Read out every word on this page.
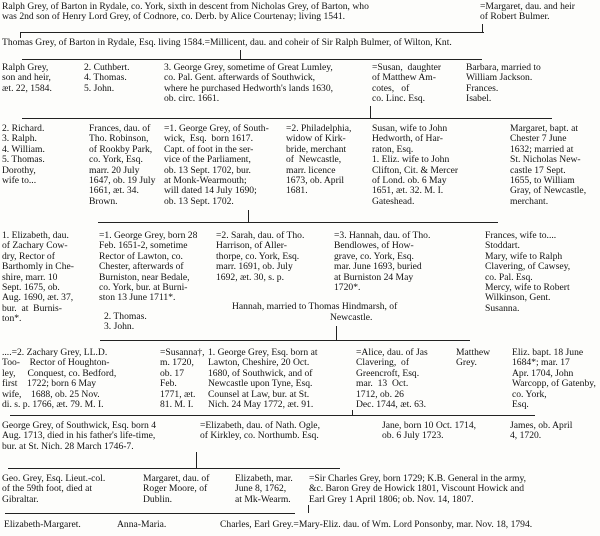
Ralph Grey, of Barton in Rydale, co. York, sixth in descent from Nicholas Grey, of Barton, who
was 2nd son of Henry Lord Grey, of Codnore, co. Derb. by Alice Courtenay; living 1541.
=Margaret, dau. and heir
of Robert Bulmer.
Thomas Grey, of Barton in Rydale, Esq. living 1584.=Millicent, dau. and coheir of Sir Ralph Bulmer, of Wilton, Knt.
Ralph Grey,
son and heir,
æt. 22, 1584.
2. Cuthbert.
4. Thomas.
5. John.
3. George Grey, sometime of Great Lumley,
co. Pal. Gent. afterwards of Southwick,
where he purchased Hedworth's lands 1630,
ob. circ. 1661.
=Susan,  daughter
of Matthew Am-
cotes,   of
co. Linc. Esq.
Barbara, married to
William Jackson.
Frances.
Isabel.
2. Richard.
3. Ralph.
4. William.
5. Thomas.
Dorothy,
wife to...
Frances, dau. of
Tho. Robinson,
of Rookby Park,
co. York, Esq.
marr. 20 July
1647, ob. 19 July
1661, æt. 34.
Brown.
=1. George Grey, of South-
wick,  Esq.  born 1617.
Capt. of foot in the ser-
vice of the Parliament,
ob. 13 Sept. 1702, bur.
at Monk-Wearmouth;
will dated 14 July 1690;
ob. 13 Sept. 1702.
=2. Philadelphia,
widow of Kirk-
bride, merchant
of  Newcastle,
marr. licence
1673, ob. April
1681.
Susan, wife to John
Hedworth, of Har-
raton, Esq.
1. Eliz. wife to John
Clifton, Cit. & Mercer
of Lond. ob. 6 May
1651, æt. 32. M. I.
Gateshead.
Margaret, bapt. at
Chester 7 June
1632; married at
St. Nicholas New-
castle 17 Sept.
1655, to William
Gray, of Newcastle,
merchant.
1. Elizabeth, dau.
of Zachary Cow-
dry, Rector of
Barthomly in Che-
shire, marr. 10
Sept. 1675, ob.
Aug. 1690, æt. 37,
bur.  at  Burnis-
ton*.
=1. George Grey, born 28
Feb. 1651-2, sometime
Rector of Lawton, co.
Chester, afterwards of
Burniston, near Bedale,
co. York, bur. at Burni-
ston 13 June 1711*.
2. Thomas.
3. John.
=2. Sarah, dau. of Tho.
Harrison, of Aller-
thorpe, co. York, Esq.
marr. 1691, ob. July
1692, æt. 30, s. p.
=3. Hannah, dau. of Tho.
Bendlowes, of How-
grave, co. York, Esq.
mar. June 1693, buried
at Burniston 24 May
1720*.
Hannah, married to Thomas Hindmarsh, of
Newcastle.
Frances, wife to....
Stoddart.
Mary, wife to Ralph
Clavering, of Cawsey,
co. Pal. Esq.
Mercy, wife to Robert
Wilkinson, Gent.
Susanna.
....=2. Zachary Grey, LL.D.
Too-    Rector of Houghton-
ley,     Conquest, co. Bedford,
first    1722; born 6 May
wife,    1688, ob. 25 Nov.
di. s. p. 1766, æt. 79. M. I.
=Susanna†,
m. 1720,
ob. 17
Feb.
1771, æt.
81. M. I.
1. George Grey, Esq. born at
Lawton, Cheshire, 20 Oct.
1680, of Southwick, and of
Newcastle upon Tyne, Esq.
Counsel at Law, bur. at St.
Nich. 24 May 1772, æt. 91.
=Alice, dau. of Jas
Clavering,  of
Greencroft, Esq.
mar.  13  Oct.
1712, ob. 26
Dec. 1744, æt. 63.
Matthew
Grey.
Eliz. bapt. 18 June
1684*; mar. 17
Apr. 1704, John
Warcopp, of Gatenby,
co. York,
Esq.
George Grey, of Southwick, Esq. born 4
Aug. 1713, died in his father's life-time,
bur. at St. Nich. 28 March 1746-7.
=Elizabeth, dau. of Nath. Ogle,
of Kirkley, co. Northumb. Esq.
Jane, born 10 Oct. 1714,
ob. 6 July 1723.
James, ob. April
4, 1720.
Geo. Grey, Esq. Lieut.-col.
of the 59th foot, died at
Gibraltar.
Margaret, dau. of
Roger Moore, of
Dublin.
Elizabeth, mar.
June 8, 1762,
at Mk-Wearm.
=Sir Charles Grey, born 1729; K.B. General in the army,
&c. Baron Grey de Howick 1801, Viscount Howick and
Earl Grey 1 April 1806; ob. Nov. 14, 1807.
Elizabeth-Margaret.	Anna-Maria.	Charles, Earl Grey.=Mary-Eliz. dau. of Wm. Lord Ponsonby, mar. Nov. 18, 1794.
